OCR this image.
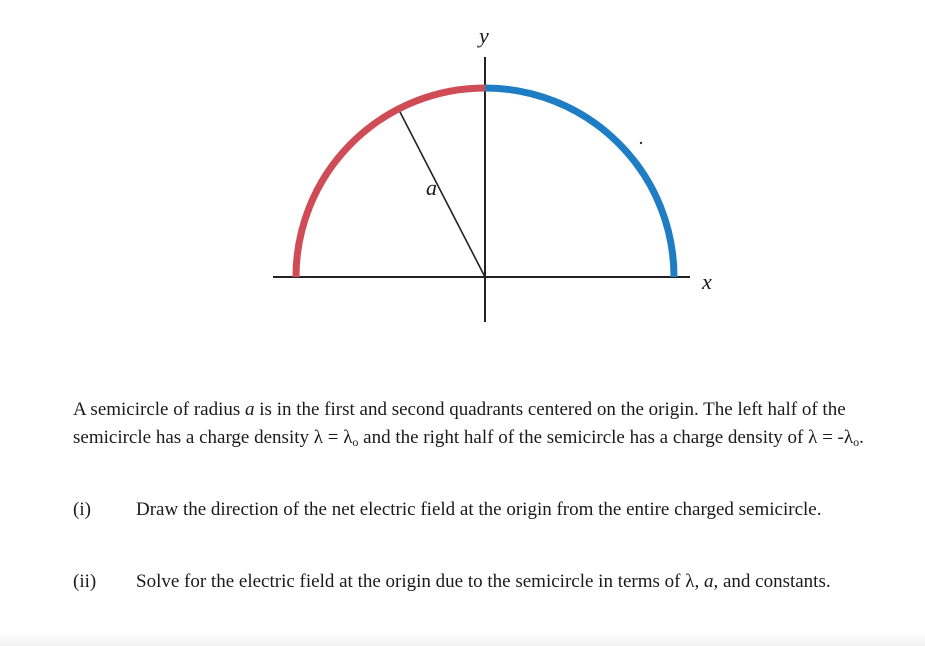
y
x
a

A semicircle of radius a is in the first and second quadrants centered on the origin. The left half of the semicircle has a charge density $\lambda = \lambda_o$ and the right half of the semicircle has a charge density of $\lambda = -\lambda_o$.

(i) Draw the direction of the net electric field at the origin from the entire charged semicircle.
(ii) Solve for the electric field at the origin due to the semicircle in terms of λ, a, and constants.
